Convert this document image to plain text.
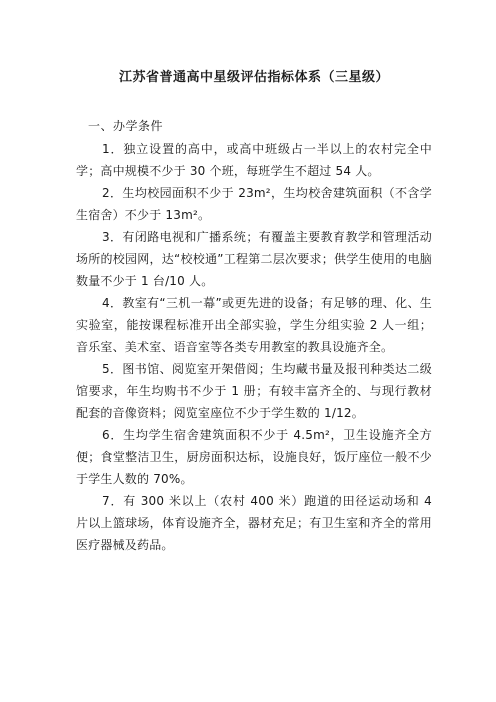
江苏省普通高中星级评估指标体系（三星级）
一、办学条件

1．独立设置的高中，或高中班级占一半以上的农村完全中学；高中规模不少于 30 个班，每班学生不超过 54 人。

2．生均校园面积不少于 23m²，生均校舍建筑面积（不含学生宿舍）不少于 13m²。

3．有闭路电视和广播系统；有覆盖主要教育教学和管理活动场所的校园网，达“校校通”工程第二层次要求；供学生使用的电脑数量不少于 1 台/10 人。

4．教室有“三机一幕”或更先进的设备；有足够的理、化、生实验室，能按课程标准开出全部实验，学生分组实验 2 人一组；音乐室、美术室、语音室等各类专用教室的教具设施齐全。

5．图书馆、阅览室开架借阅；生均藏书量及报刊种类达二级馆要求，年生均购书不少于 1 册；有较丰富齐全的、与现行教材配套的音像资料；阅览室座位不少于学生数的 1/12。

6．生均学生宿舍建筑面积不少于 4.5m²，卫生设施齐全方便；食堂整洁卫生，厨房面积达标，设施良好，饭厅座位一般不少于学生人数的 70%。

7．有 300 米以上（农村 400 米）跑道的田径运动场和 4 片以上篮球场，体育设施齐全，器材充足；有卫生室和齐全的常用医疗器械及药品。
